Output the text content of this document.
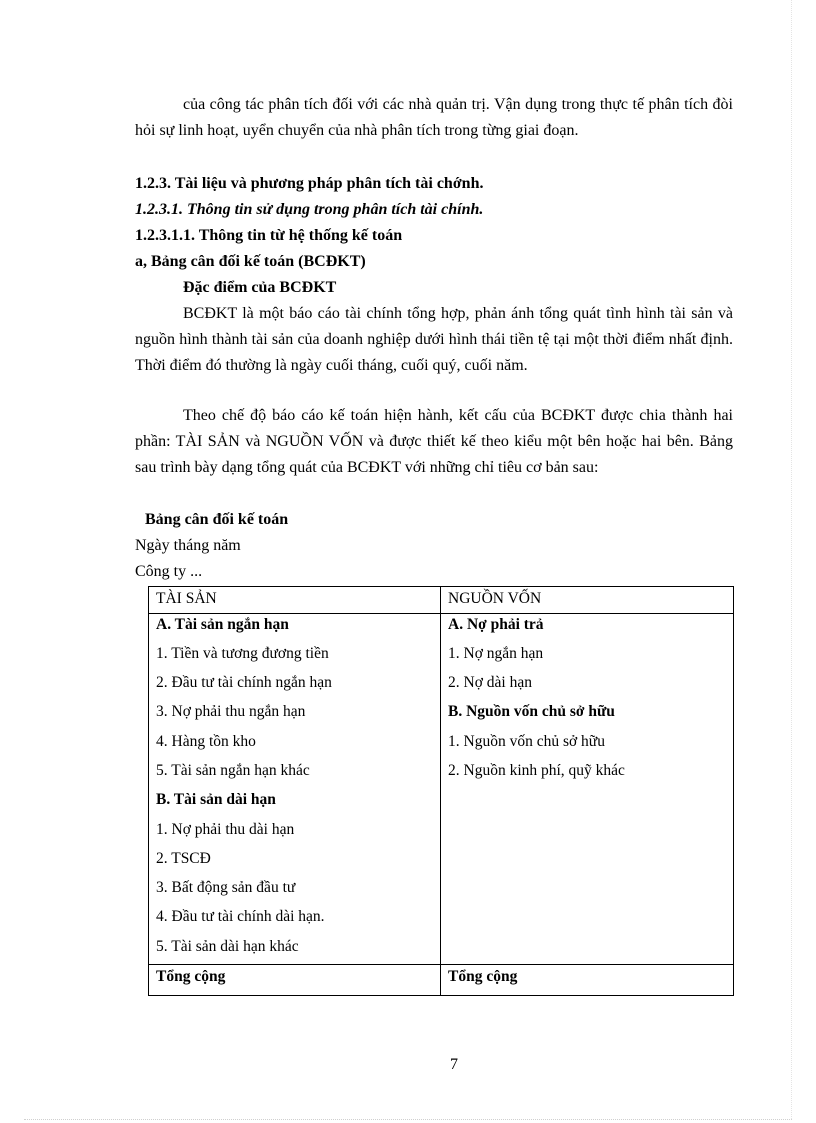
của công tác phân tích đối với các nhà quản trị. Vận dụng trong thực tế phân tích đòi hỏi sự linh hoạt, uyển chuyển của nhà phân tích trong từng giai đoạn.

1.2.3. Tài liệu và phương pháp phân tích tài chớnh.

1.2.3.1. Thông tin sử dụng trong phân tích tài chính.

1.2.3.1.1. Thông tin từ hệ thống kế toán

a, Bảng cân đối kế toán (BCĐKT)

Đặc điểm của BCĐKT

BCĐKT là một báo cáo tài chính tổng hợp, phản ánh tổng quát tình hình tài sản và nguồn hình thành tài sản của doanh nghiệp dưới hình thái tiền tệ tại một thời điểm nhất định. Thời điểm đó thường là ngày cuối tháng, cuối quý, cuối năm.

Theo chế độ báo cáo kế toán hiện hành, kết cấu của BCĐKT được chia thành hai phần: TÀI SẢN và NGUỒN VỐN và được thiết kế theo kiểu một bên hoặc hai bên. Bảng sau trình bày dạng tổng quát của BCĐKT với những chỉ tiêu cơ bản sau:

Bảng cân đối kế toán

Ngày tháng năm

Công ty ...

TÀI SẢN	NGUỒN VỐN
A. Tài sản ngắn hạn
1. Tiền và tương đương tiền
2. Đầu tư tài chính ngắn hạn
3. Nợ phải thu ngắn hạn
4. Hàng tồn kho
5. Tài sản ngắn hạn khác
B. Tài sản dài hạn
1. Nợ phải thu dài hạn
2. TSCĐ
3. Bất động sản đầu tư
4. Đầu tư tài chính dài hạn.
5. Tài sản dài hạn khác
A. Nợ phải trả
1. Nợ ngắn hạn
2. Nợ dài hạn
B. Nguồn vốn chủ sở hữu
1. Nguồn vốn chủ sở hữu
2. Nguồn kinh phí, quỹ khác
Tổng cộng	Tổng cộng
7
